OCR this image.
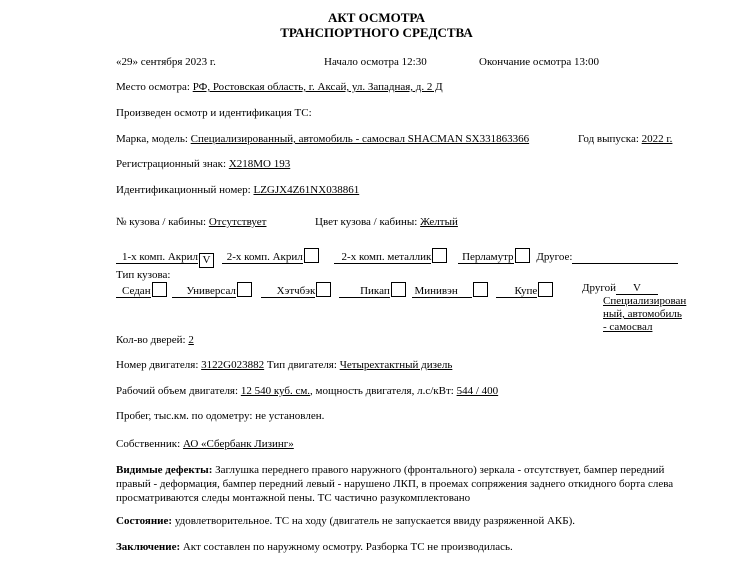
АКТ ОСМОТРА
ТРАНСПОРТНОГО СРЕДСТВА
«29» сентября 2023 г.	Начало осмотра 12:30	Окончание осмотра 13:00
Место осмотра: РФ, Ростовская область, г. Аксай, ул. Западная, д. 2 Д
Произведен осмотр и идентификация ТС:
Марка, модель: Специализированный, автомобиль - самосвал SHACMAN SX331863366	Год выпуска: 2022 г.
Регистрационный знак: Х218МО 193
Идентификационный номер: LZGJX4Z61NX038861
№ кузова / кабины: Отсутствует	Цвет кузова / кабины: Желтый
1-х комп. Акрил V 2-х комп. Акрил	2-х комп. металлик	Перламутр Другое:
Тип кузова:
Седан	Универсал	Хэтчбэк	Пикап Минивэн	Купе	Другой V
Специализирован
ный, автомобиль
- самосвал
Кол-во дверей: 2
Номер двигателя: 3122G023882 Тип двигателя: Четырехтактный дизель
Рабочий объем двигателя: 12 540 куб. см., мощность двигателя, л.с/кВт: 544 / 400
Пробег, тыс.км. по одометру: не установлен.
Собственник: АО «Сбербанк Лизинг»
Видимые дефекты: Заглушка переднего правого наружного (фронтального) зеркала - отсутствует, бампер передний правый - деформация, бампер передний левый - нарушено ЛКП, в проемах сопряжения заднего откидного борта слева просматриваются следы монтажной пены. ТС частично разукомплектовано
Состояние: удовлетворительное. ТС на ходу (двигатель не запускается ввиду разряженной АКБ).
Заключение: Акт составлен по наружному осмотру. Разборка ТС не производилась.
